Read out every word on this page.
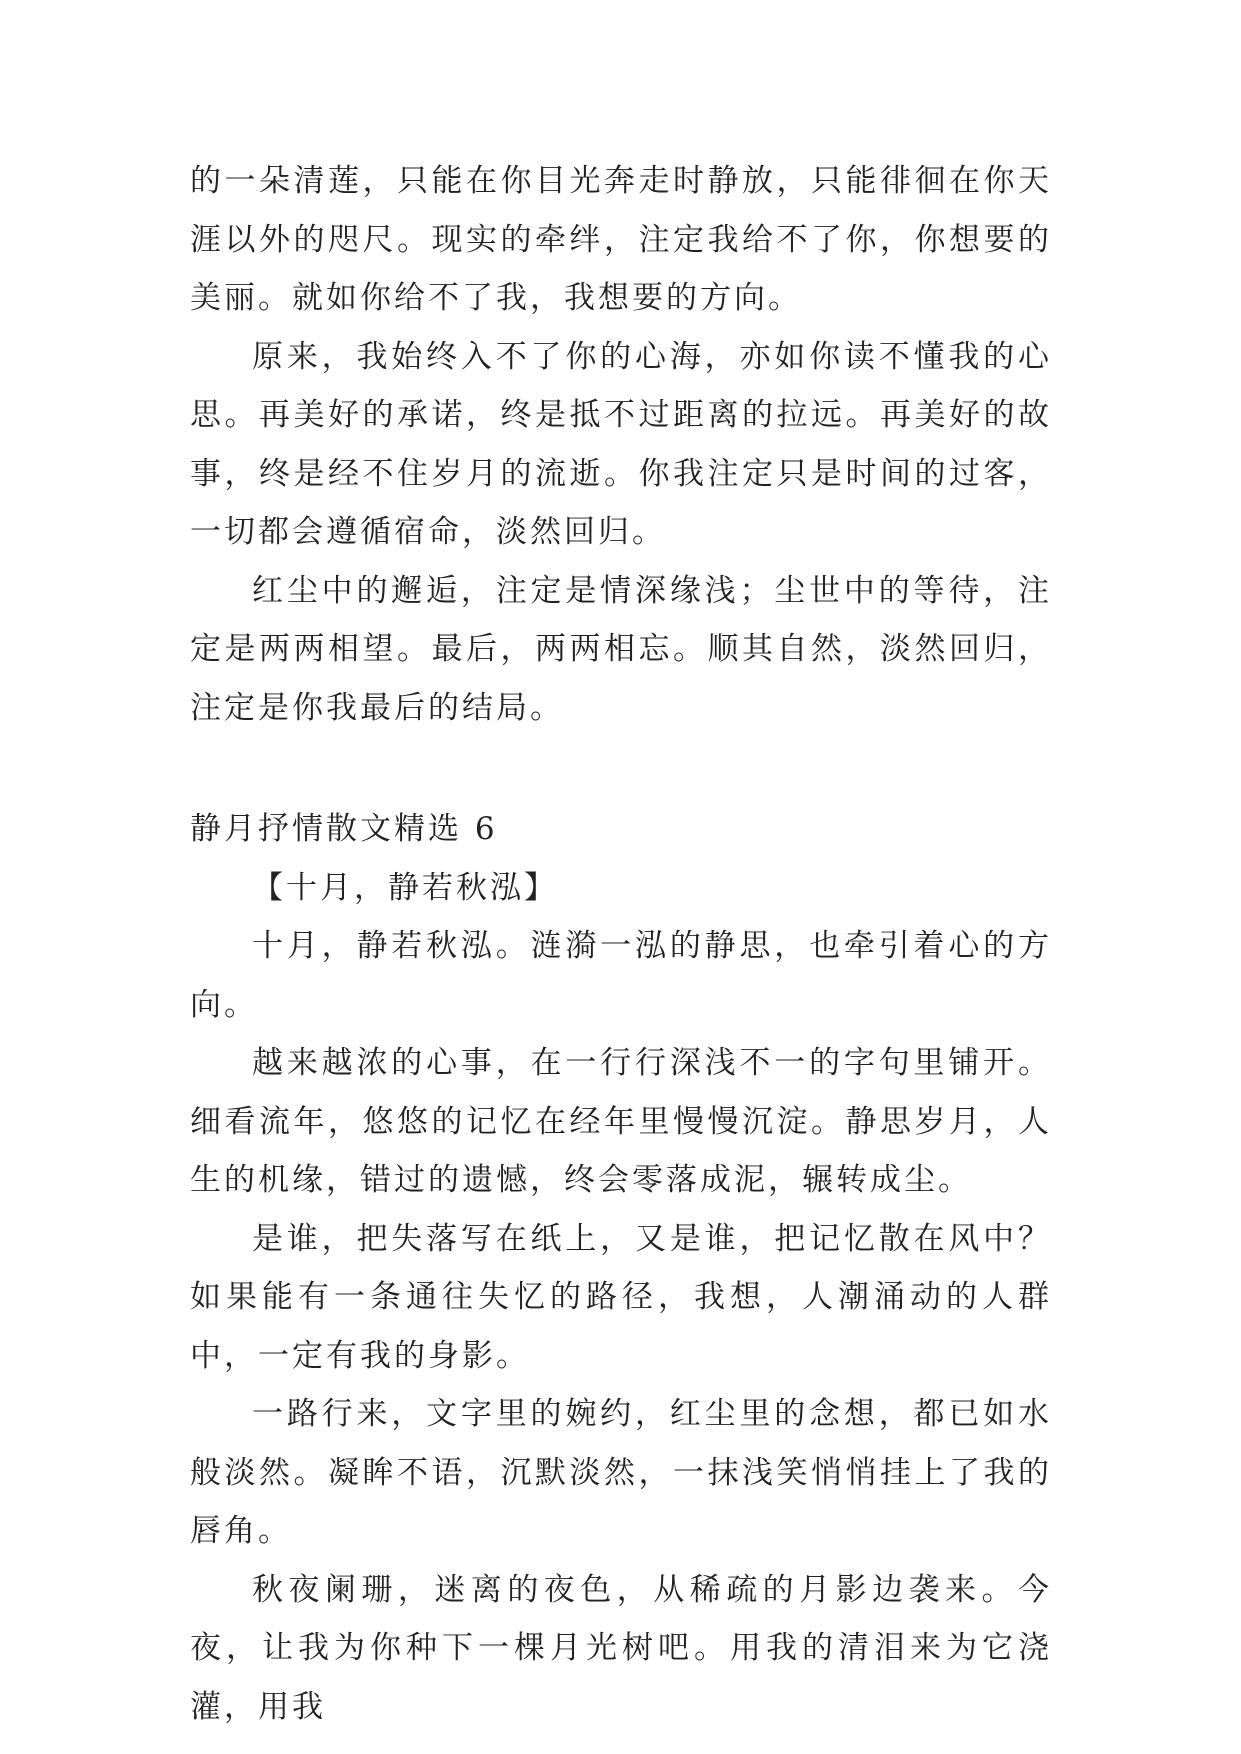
的一朵清莲，只能在你目光奔走时静放，只能徘徊在你天涯以外的咫尺。现实的牵绊，注定我给不了你，你想要的美丽。就如你给不了我，我想要的方向。

原来，我始终入不了你的心海，亦如你读不懂我的心思。再美好的承诺，终是抵不过距离的拉远。再美好的故事，终是经不住岁月的流逝。你我注定只是时间的过客，一切都会遵循宿命，淡然回归。

红尘中的邂逅，注定是情深缘浅；尘世中的等待，注定是两两相望。最后，两两相忘。顺其自然，淡然回归，注定是你我最后的结局。

静月抒情散文精选 6

【十月，静若秋泓】

十月，静若秋泓。涟漪一泓的静思，也牵引着心的方向。

越来越浓的心事，在一行行深浅不一的字句里铺开。细看流年，悠悠的记忆在经年里慢慢沉淀。静思岁月，人生的机缘，错过的遗憾，终会零落成泥，辗转成尘。

是谁，把失落写在纸上，又是谁，把记忆散在风中？如果能有一条通往失忆的路径，我想，人潮涌动的人群中，一定有我的身影。

一路行来，文字里的婉约，红尘里的念想，都已如水般淡然。凝眸不语，沉默淡然，一抹浅笑悄悄挂上了我的唇角。

秋夜阑珊，迷离的夜色，从稀疏的月影边袭来。今夜，让我为你种下一棵月光树吧。用我的清泪来为它浇灌，用我
